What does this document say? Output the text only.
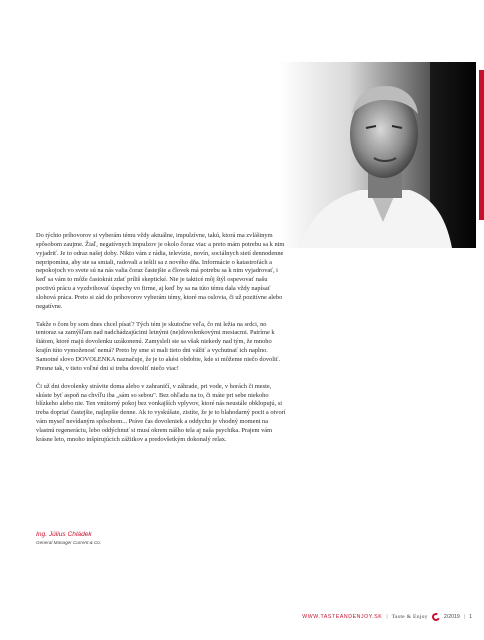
Do týchto príhovorov si vyberám tému vždy aktuálne, impulzívne, takú, ktorá ma zvláštnym spôsobom zaujme. Žiaľ, negatívnych impulzov je okolo čoraz viac a preto mám potrebu sa k nim vyjadriť. Je to odraz našej doby. Nikto vám z rádia, televízie, novín, sociálnych sietí dennodenne nepripomína, aby ste sa smiali, radovali a tešili sa z nového dňa. Informácie o katastrofách a nepokojoch vo svete sú na nás valia čoraz častejšie a človek má potrebu sa k nim vyjadrovať, i keď sa vám to môže častokrát zdať príliš skeptické. Nie je takticé môj štýl ospevovať našu poctivú prácu a vyzdvihovať úspechy vo firme, aj keď by sa na túto tému dala vždy napísať slohová práca. Preto si zád do príhovorov vyberám témy, ktoré ma oslovia, či už pozitívne alebo negatívne.

Takže o čom by som dnes chcel písať? Tých tém je skutočne veľa, čo mi ležia na srdci, no tentoraz sa zamýšľam nad nadchádzajúcimi letnými (ne)dovolenkovými mesiacmi. Patríme k štátom, ktoré majú dovolenku uzákonenú. Zamysleli ste sa však niekedy nad tým, že mnoho krajín túto vymoženosť nemá? Preto by sme si mali tieto dni vážiť a vychutnať ich naplno. Samotné slovo DOVOLENKA naznačuje, že je to akési obdobie, kde si môžeme niečo dovoliť. Presne tak, v tieto voľné dni si treba dovoliť niečo viac!

Či už dni dovolenky strávite doma alebo v zahraničí, v záhrade, pri vode, v horách či meste, skúste byť aspoň na chvíľu iba „sám so sebou". Bez ohľadu na to, či máte pri sebe niekoho blízkeho alebo nie. Ten vnútorný pokoj bez vonkajších vplyvov, ktoré nás neustále obklopujú, si treba dopriať častejšie, najlepšie denne. Ak to vyskúšate, zistíte, že je to blahodarný pocit a otvorí vám myseľ nevídaným spôsobom... Práve čas dovoleniek a oddychu je vhodný moment na vlastnú regeneráciu, lebo oddýchnuť si musí okrem nášho tela aj naša psychika. Prajem vám krásne leto, mnoho inšpirujúcich zážitkov a predovšetkým dokonalý relax.

Ing. Július Chládek
General Manager Current & Co.
WWW.TASTEANDENJOY.SK | Taste & Enjoy	2/2019 | 1
